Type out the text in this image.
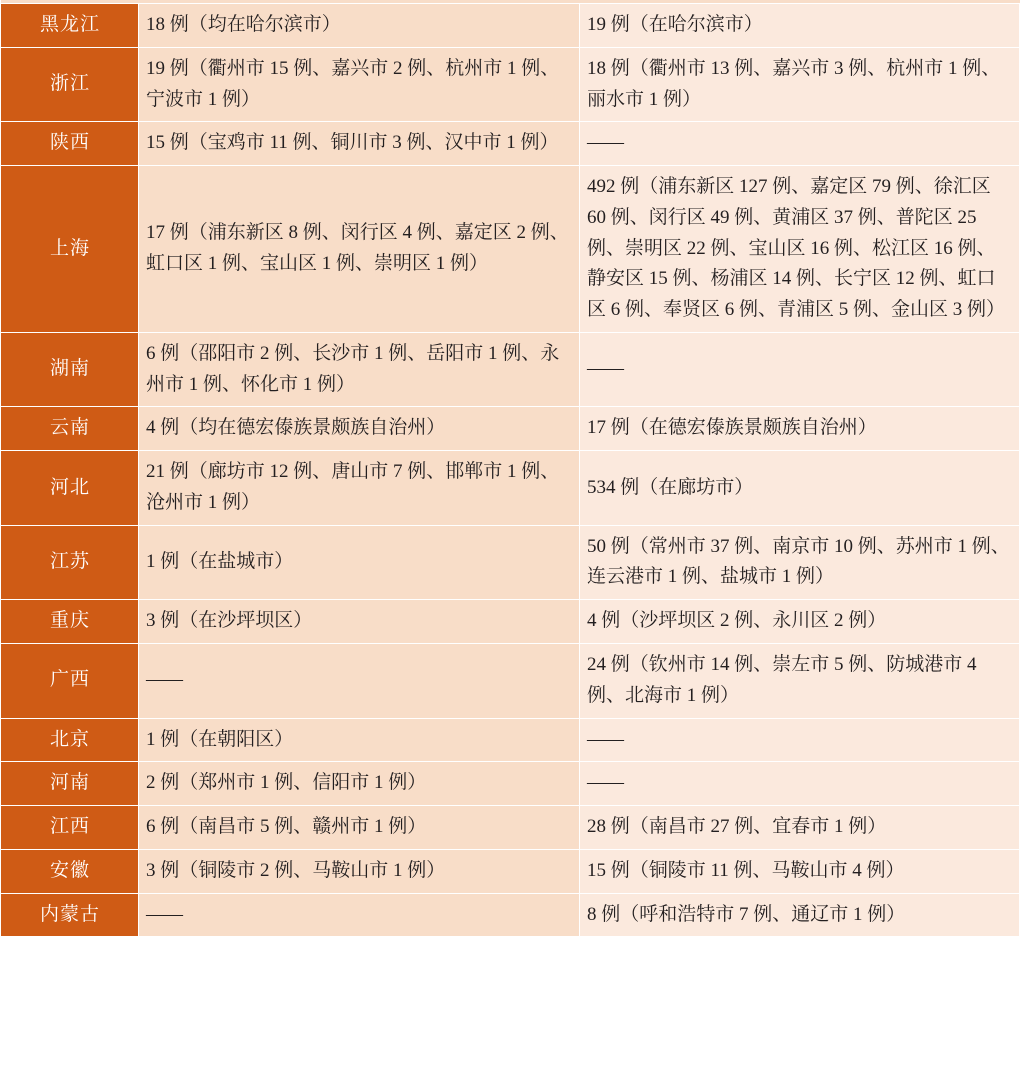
黑龙江	18 例（均在哈尔滨市）	19 例（在哈尔滨市）
浙江	19 例（衢州市 15 例、嘉兴市 2 例、杭州市 1 例、宁波市 1 例）	18 例（衢州市 13 例、嘉兴市 3 例、杭州市 1 例、丽水市 1 例）
陕西	15 例（宝鸡市 11 例、铜川市 3 例、汉中市 1 例）	——
上海	17 例（浦东新区 8 例、闵行区 4 例、嘉定区 2 例、虹口区 1 例、宝山区 1 例、崇明区 1 例）	492 例（浦东新区 127 例、嘉定区 79 例、徐汇区 60 例、闵行区 49 例、黄浦区 37 例、普陀区 25 例、崇明区 22 例、宝山区 16 例、松江区 16 例、静安区 15 例、杨浦区 14 例、长宁区 12 例、虹口区 6 例、奉贤区 6 例、青浦区 5 例、金山区 3 例）
湖南	6 例（邵阳市 2 例、长沙市 1 例、岳阳市 1 例、永州市 1 例、怀化市 1 例）	——
云南	4 例（均在德宏傣族景颇族自治州）	17 例（在德宏傣族景颇族自治州）
河北	21 例（廊坊市 12 例、唐山市 7 例、邯郸市 1 例、沧州市 1 例）	534 例（在廊坊市）
江苏	1 例（在盐城市）	50 例（常州市 37 例、南京市 10 例、苏州市 1 例、连云港市 1 例、盐城市 1 例）
重庆	3 例（在沙坪坝区）	4 例（沙坪坝区 2 例、永川区 2 例）
广西	——	24 例（钦州市 14 例、崇左市 5 例、防城港市 4 例、北海市 1 例）
北京	1 例（在朝阳区）	——
河南	2 例（郑州市 1 例、信阳市 1 例）	——
江西	6 例（南昌市 5 例、赣州市 1 例）	28 例（南昌市 27 例、宜春市 1 例）
安徽	3 例（铜陵市 2 例、马鞍山市 1 例）	15 例（铜陵市 11 例、马鞍山市 4 例）
内蒙古	——	8 例（呼和浩特市 7 例、通辽市 1 例）
